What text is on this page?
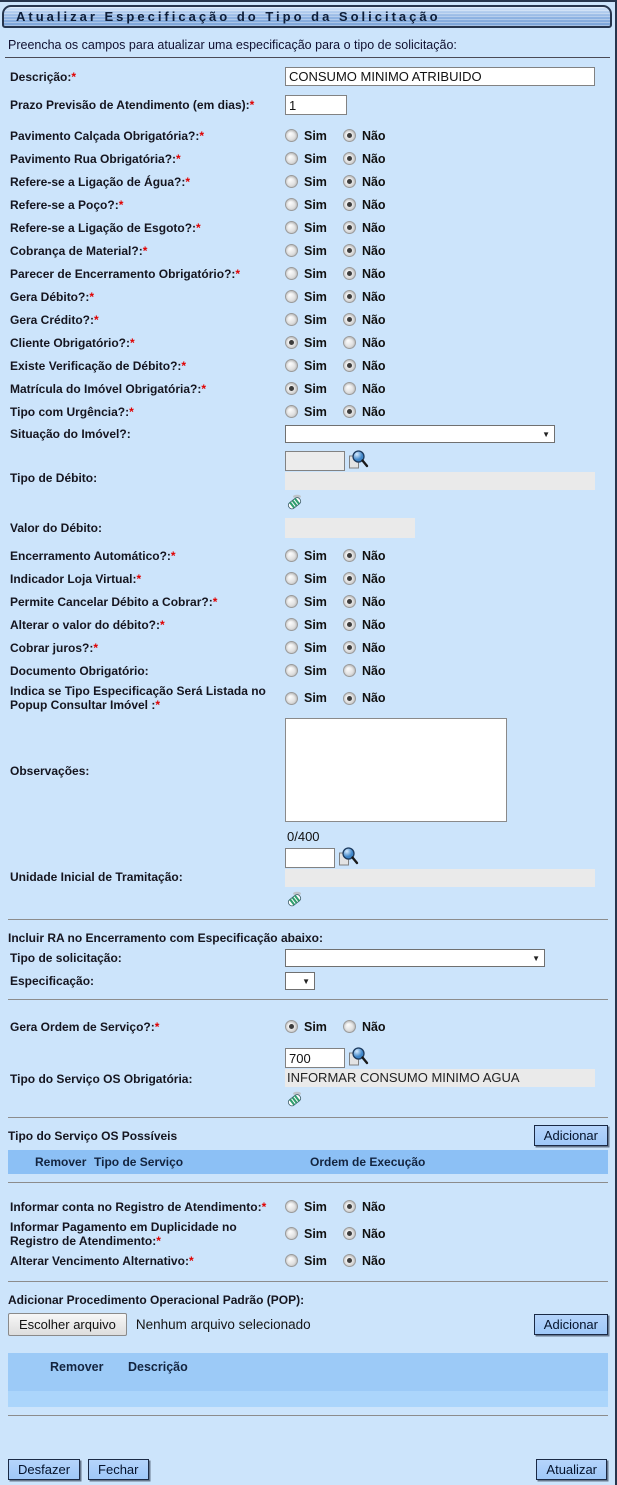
Atualizar Especificação do Tipo da Solicitação
Preencha os campos para atualizar uma especificação para o tipo de solicitação:
Descrição:*
CONSUMO MINIMO ATRIBUIDO
Prazo Previsão de Atendimento (em dias):*
1
Pavimento Calçada Obrigatória?:*	Sim	Não
Pavimento Rua Obrigatória?:*	Sim	Não
Refere-se a Ligação de Água?:*	Sim	Não
Refere-se a Poço?:*	Sim	Não
Refere-se a Ligação de Esgoto?:*	Sim	Não
Cobrança de Material?:*	Sim	Não
Parecer de Encerramento Obrigatório?:*	Sim	Não
Gera Débito?:*	Sim	Não
Gera Crédito?:*	Sim	Não
Cliente Obrigatório?:*	Sim	Não
Existe Verificação de Débito?:*	Sim	Não
Matrícula do Imóvel Obrigatória?:*	Sim	Não
Tipo com Urgência?:*	Sim	Não
Situação do Imóvel?:	▼
Tipo de Débito:
Valor do Débito:
Encerramento Automático?:*	Sim	Não
Indicador Loja Virtual:*	Sim	Não
Permite Cancelar Débito a Cobrar?:*	Sim	Não
Alterar o valor do débito?:*	Sim	Não
Cobrar juros?:*	Sim	Não
Documento Obrigatório:	Sim	Não
Indica se Tipo Especificação Será Listada no Popup Consultar Imóvel :*	Sim	Não
Observações:
0/400
Unidade Inicial de Tramitação:
Incluir RA no Encerramento com Especificação abaixo:
Tipo de solicitação:	▼
Especificação:	▼
Gera Ordem de Serviço?:*	Sim	Não
Tipo do Serviço OS Obrigatória:
700	INFORMAR CONSUMO MINIMO AGUA
Tipo do Serviço OS Possíveis	Adicionar
Remover Tipo de Serviço	Ordem de Execução
Informar conta no Registro de Atendimento:*	Sim	Não
Informar Pagamento em Duplicidade no Registro de Atendimento:*	Sim	Não
Alterar Vencimento Alternativo:*	Sim	Não
Adicionar Procedimento Operacional Padrão (POP):
Escolher arquivo	Nenhum arquivo selecionado	Adicionar
Remover	Descrição
Desfazer	Fechar	Atualizar
